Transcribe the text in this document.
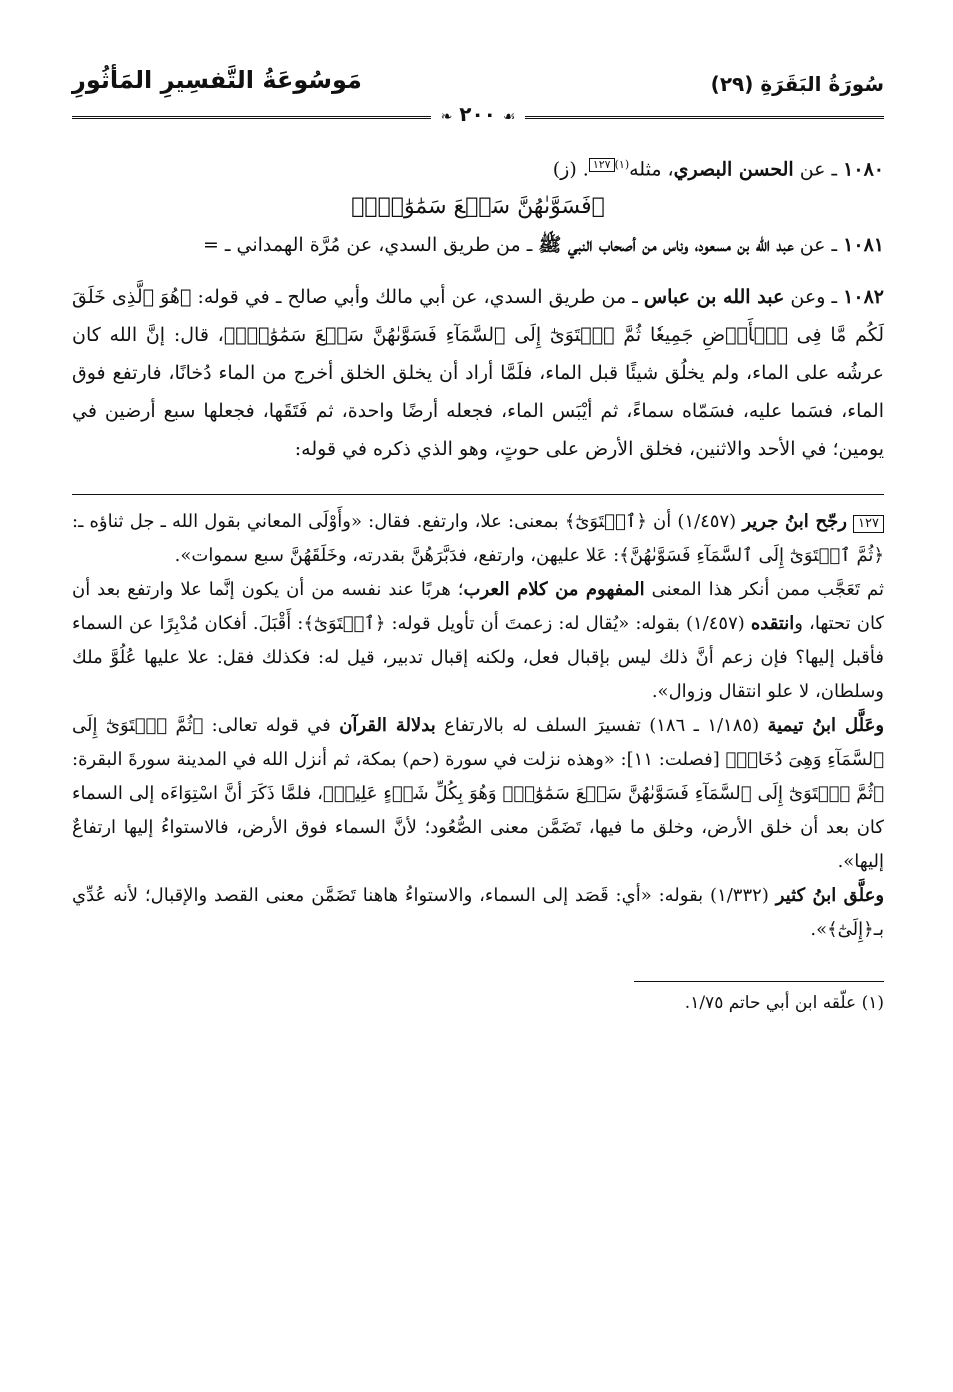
سُورَةُ البَقَرَةِ (٢٩)
مَوسُوعَةُ التَّفسِيرِ المَأثُورِ
☙ ٢٠٠ ❧

١٠٨٠ ـ عن الحسن البصري، مثله$^{(١)}$١٢٧. (ز)

﴿فَسَوَّىٰهُنَّ سَبۡعَ سَمَٰوَٰتٖۚ﴾

١٠٨١ ـ عن عبد الله بن مسعود، وناس من أصحاب النبي ﷺ ـ من طريق السدي، عن مُرَّة الهمداني ـ =

١٠٨٢ ـ وعن عبد الله بن عباس ـ من طريق السدي، عن أبي مالك وأبي صالح ـ في قوله: ﴿هُوَ ٱلَّذِى خَلَقَ لَكُم مَّا فِى ٱلۡأَرۡضِ جَمِيعٗا ثُمَّ ٱسۡتَوَىٰٓ إِلَى ٱلسَّمَآءِ فَسَوَّىٰهُنَّ سَبۡعَ سَمَٰوَٰتٖۚ﴾، قال: إنَّ الله كان عرشُه على الماء، ولم يخلُق شيئًا قبل الماء، فلَمَّا أراد أن يخلق الخلق أخرج من الماء دُخانًا، فارتفع فوق الماء، فسَما عليه، فسَمّاه سماءً، ثم أيْبَس الماء، فجعله أرضًا واحدة، ثم فَتَقَها، فجعلها سبع أرضين في يومين؛ في الأحد والاثنين، فخلق الأرض على حوتٍ، وهو الذي ذكره في قوله:

١٢٧ رجّح ابنُ جرير (١/٤٥٧) أن ﴿ٱسۡتَوَىٰٓ﴾ بمعنى: علا، وارتفع. فقال: «وأَوْلَى المعاني بقول الله ـ جل ثناؤه ـ: ﴿ثُمَّ ٱسۡتَوَىٰٓ إِلَى ٱلسَّمَآءِ فَسَوَّىٰهُنَّ﴾: عَلا عليهن، وارتفع، فدَبَّرَهُنَّ بقدرته، وخَلَقَهُنَّ سبع سموات».

ثم تَعَجَّب ممن أنكر هذا المعنى المفهوم من كلام العرب؛ هربًا عند نفسه من أن يكون إنَّما علا وارتفع بعد أن كان تحتها، وانتقده (١/٤٥٧) بقوله: «يُقال له: زعمتَ أن تأويل قوله: ﴿ٱسۡتَوَىٰٓ﴾: أَقْبَلَ. أفكان مُدْبِرًا عن السماء فأقبل إليها؟ فإن زعم أنَّ ذلك ليس بإقبال فعل، ولكنه إقبال تدبير، قيل له: فكذلك فقل: علا عليها عُلُوَّ ملك وسلطان، لا علو انتقال وزوال».

وعَلَّل ابنُ تيمية (١/١٨٥ ـ ١٨٦) تفسيرَ السلف له بالارتفاع بدلالة القرآن في قوله تعالى: ﴿ثُمَّ ٱسۡتَوَىٰٓ إِلَى ٱلسَّمَآءِ وَهِىَ دُخَانٞ﴾ [فصلت: ١١]: «وهذه نزلت في سورة (حم) بمكة، ثم أنزل الله في المدينة سورةَ البقرة: ﴿ثُمَّ ٱسۡتَوَىٰٓ إِلَى ٱلسَّمَآءِ فَسَوَّىٰهُنَّ سَبۡعَ سَمَٰوَٰتٖۚ وَهُوَ بِكُلِّ شَىۡءٍ عَلِيمٞ﴾، فلمَّا ذَكَرَ أنَّ اسْتِوَاءَه إلى السماء كان بعد أن خلق الأرض، وخلق ما فيها، تَضَمَّن معنى الصُّعُود؛ لأنَّ السماء فوق الأرض، فالاستواءُ إليها ارتفاعٌ إليها».

وعلَّق ابنُ كثير (١/٣٣٢) بقوله: «أي: قَصَد إلى السماء، والاستواءُ هاهنا تَضَمَّن معنى القصد والإقبال؛ لأنه عُدِّي بـ﴿إِلَىٰٓ﴾».

(١) علّقه ابن أبي حاتم ١/٧٥.
